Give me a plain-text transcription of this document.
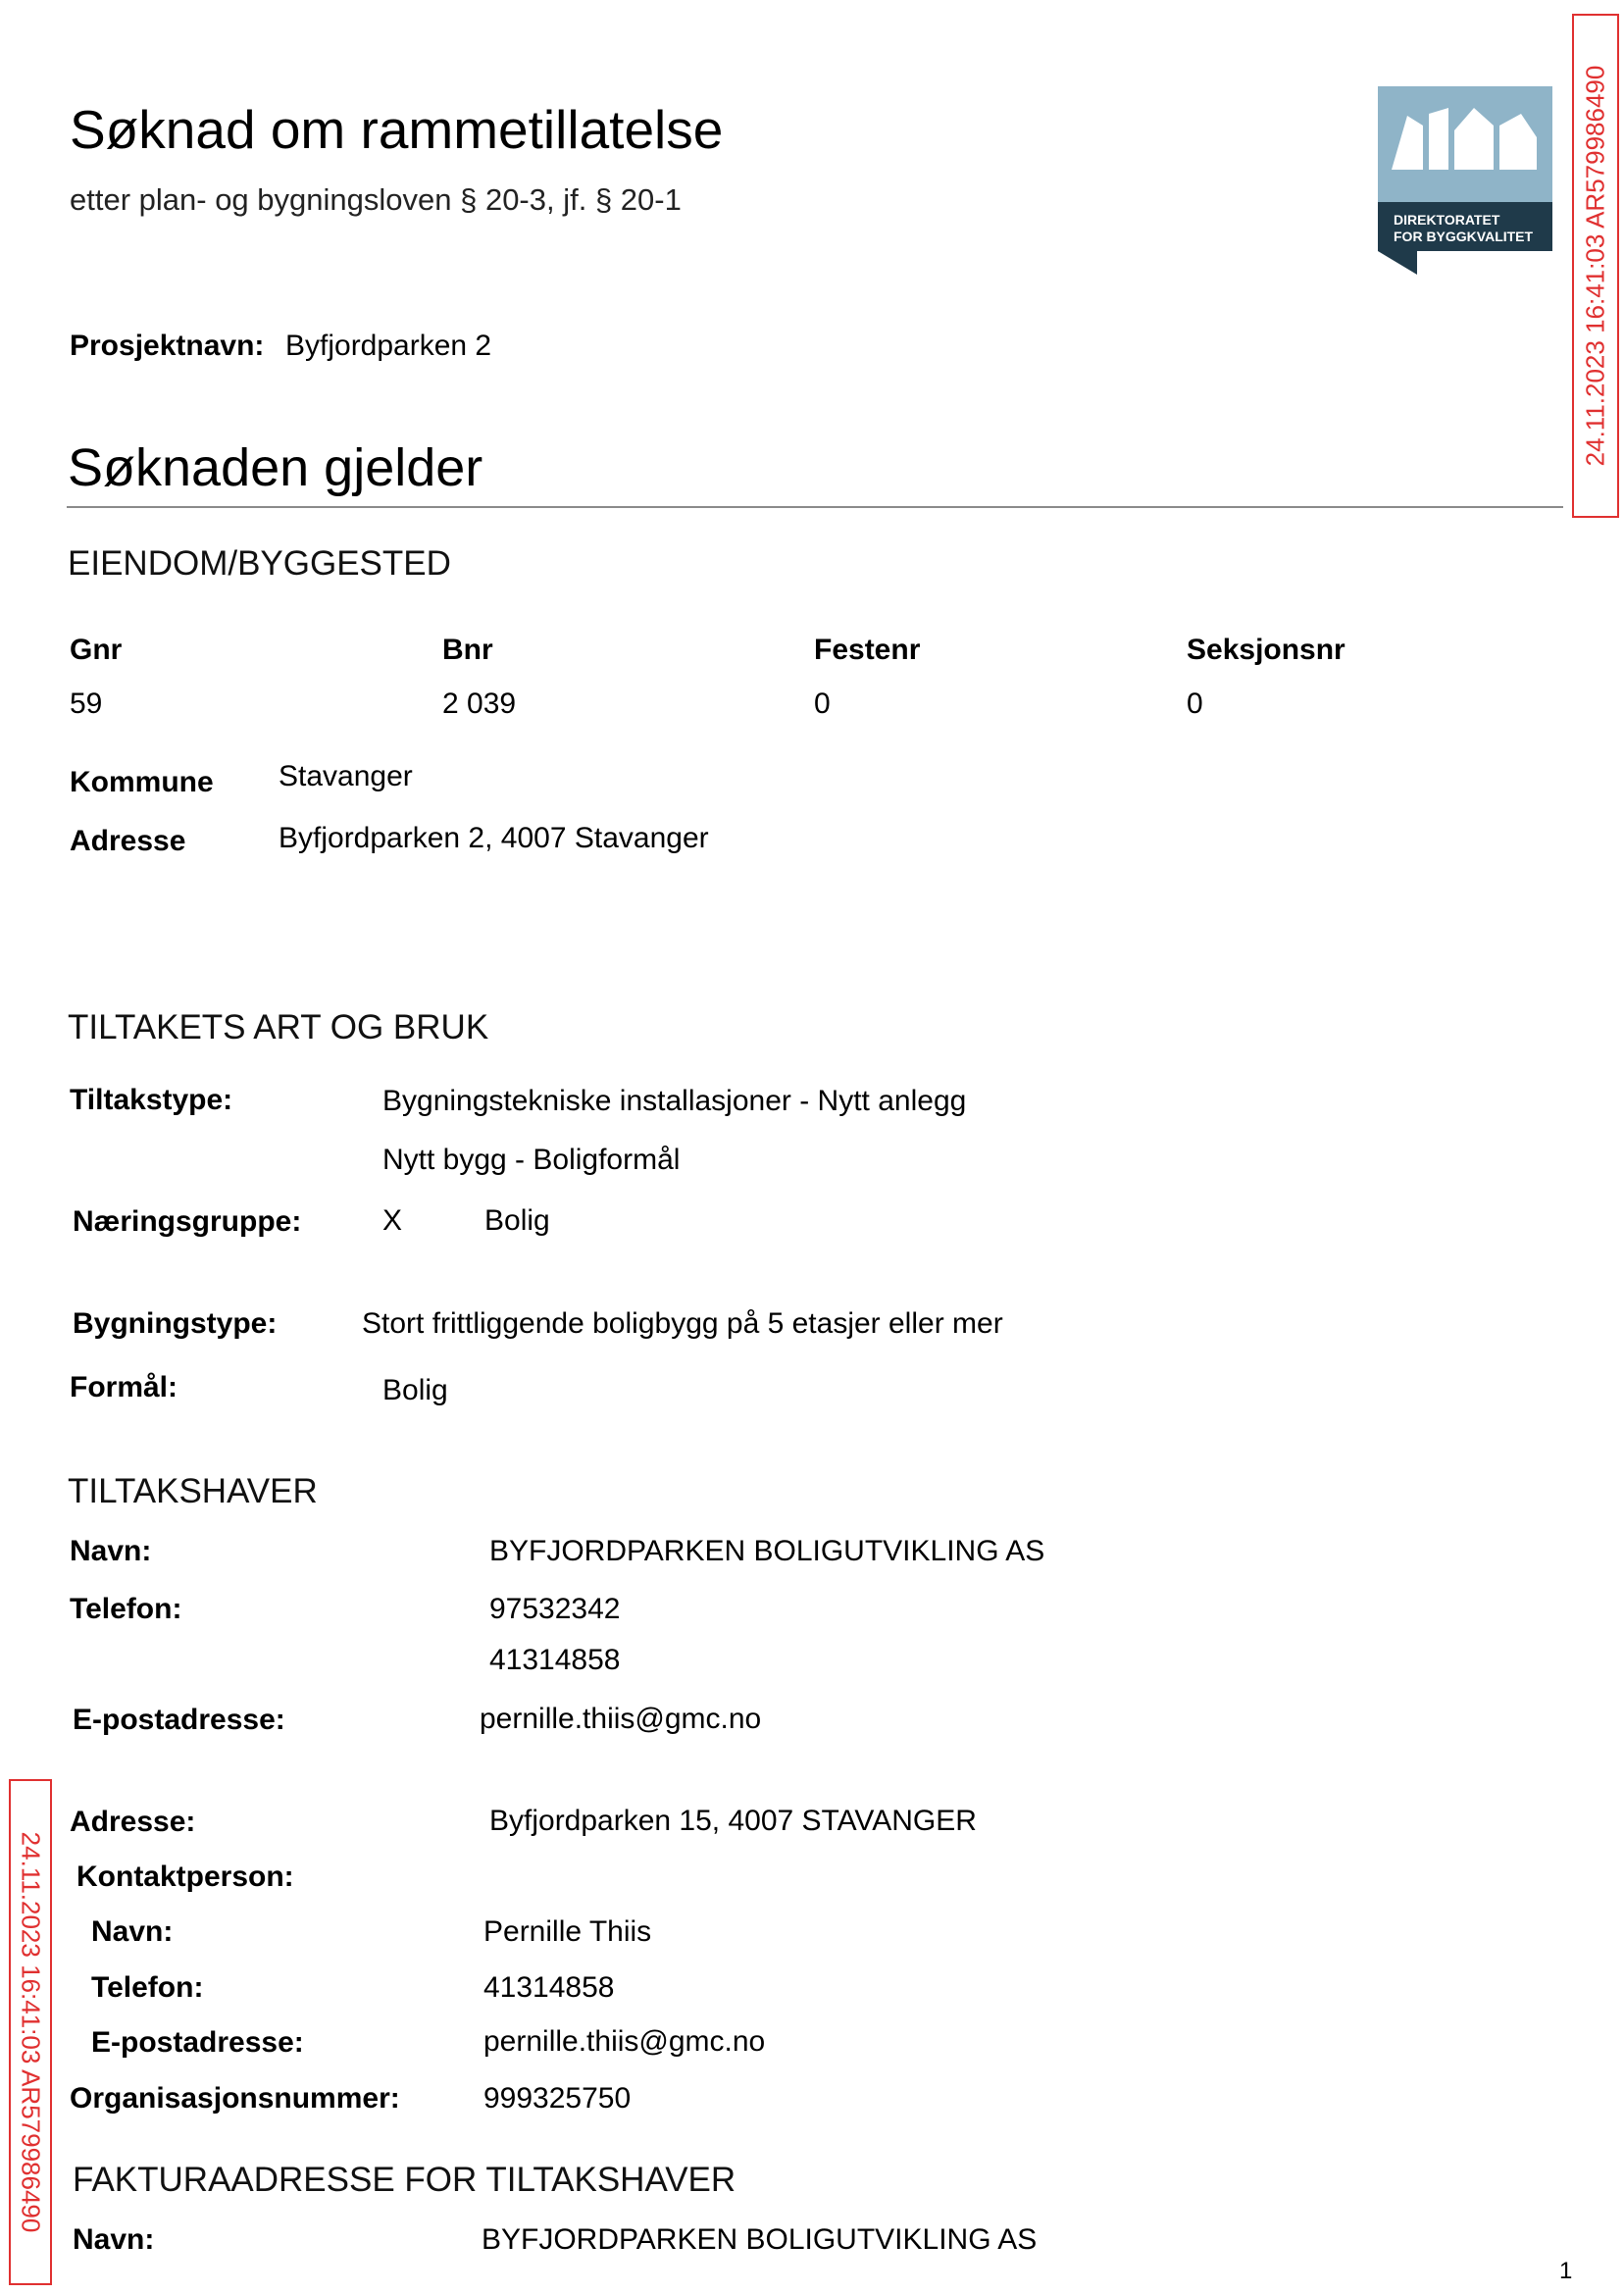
Søknad om rammetillatelse
etter plan- og bygningsloven § 20-3, jf. § 20-1
DIREKTORATET
FOR BYGGKVALITET 24.11.2023 16:41:03 AR579986490
24.11.2023 16:41:03 AR579986490
Prosjektnavn: Byfjordparken 2
Søknaden gjelder
EIENDOM/BYGGESTED
Gnr	Bnr	Festenr	Seksjonsnr
59	2 039	0	0
Kommune Stavanger
Adresse	Byfjordparken 2, 4007 Stavanger
TILTAKETS ART OG BRUK
Tiltakstype:	Bygningstekniske installasjoner - Nytt anlegg
Nytt bygg - Boligformål
Næringsgruppe:	X	Bolig
Bygningstype:	Stort frittliggende boligbygg på 5 etasjer eller mer
Formål:	Bolig
TILTAKSHAVER
Navn:	BYFJORDPARKEN BOLIGUTVIKLING AS
Telefon:	97532342
41314858
E-postadresse:	pernille.thiis@gmc.no
Adresse:	Byfjordparken 15, 4007 STAVANGER
Kontaktperson:
Navn:	Pernille Thiis
Telefon:	41314858
E-postadresse:	pernille.thiis@gmc.no
Organisasjonsnummer:	999325750
FAKTURAADRESSE FOR TILTAKSHAVER
Navn:	BYFJORDPARKEN BOLIGUTVIKLING AS
1
